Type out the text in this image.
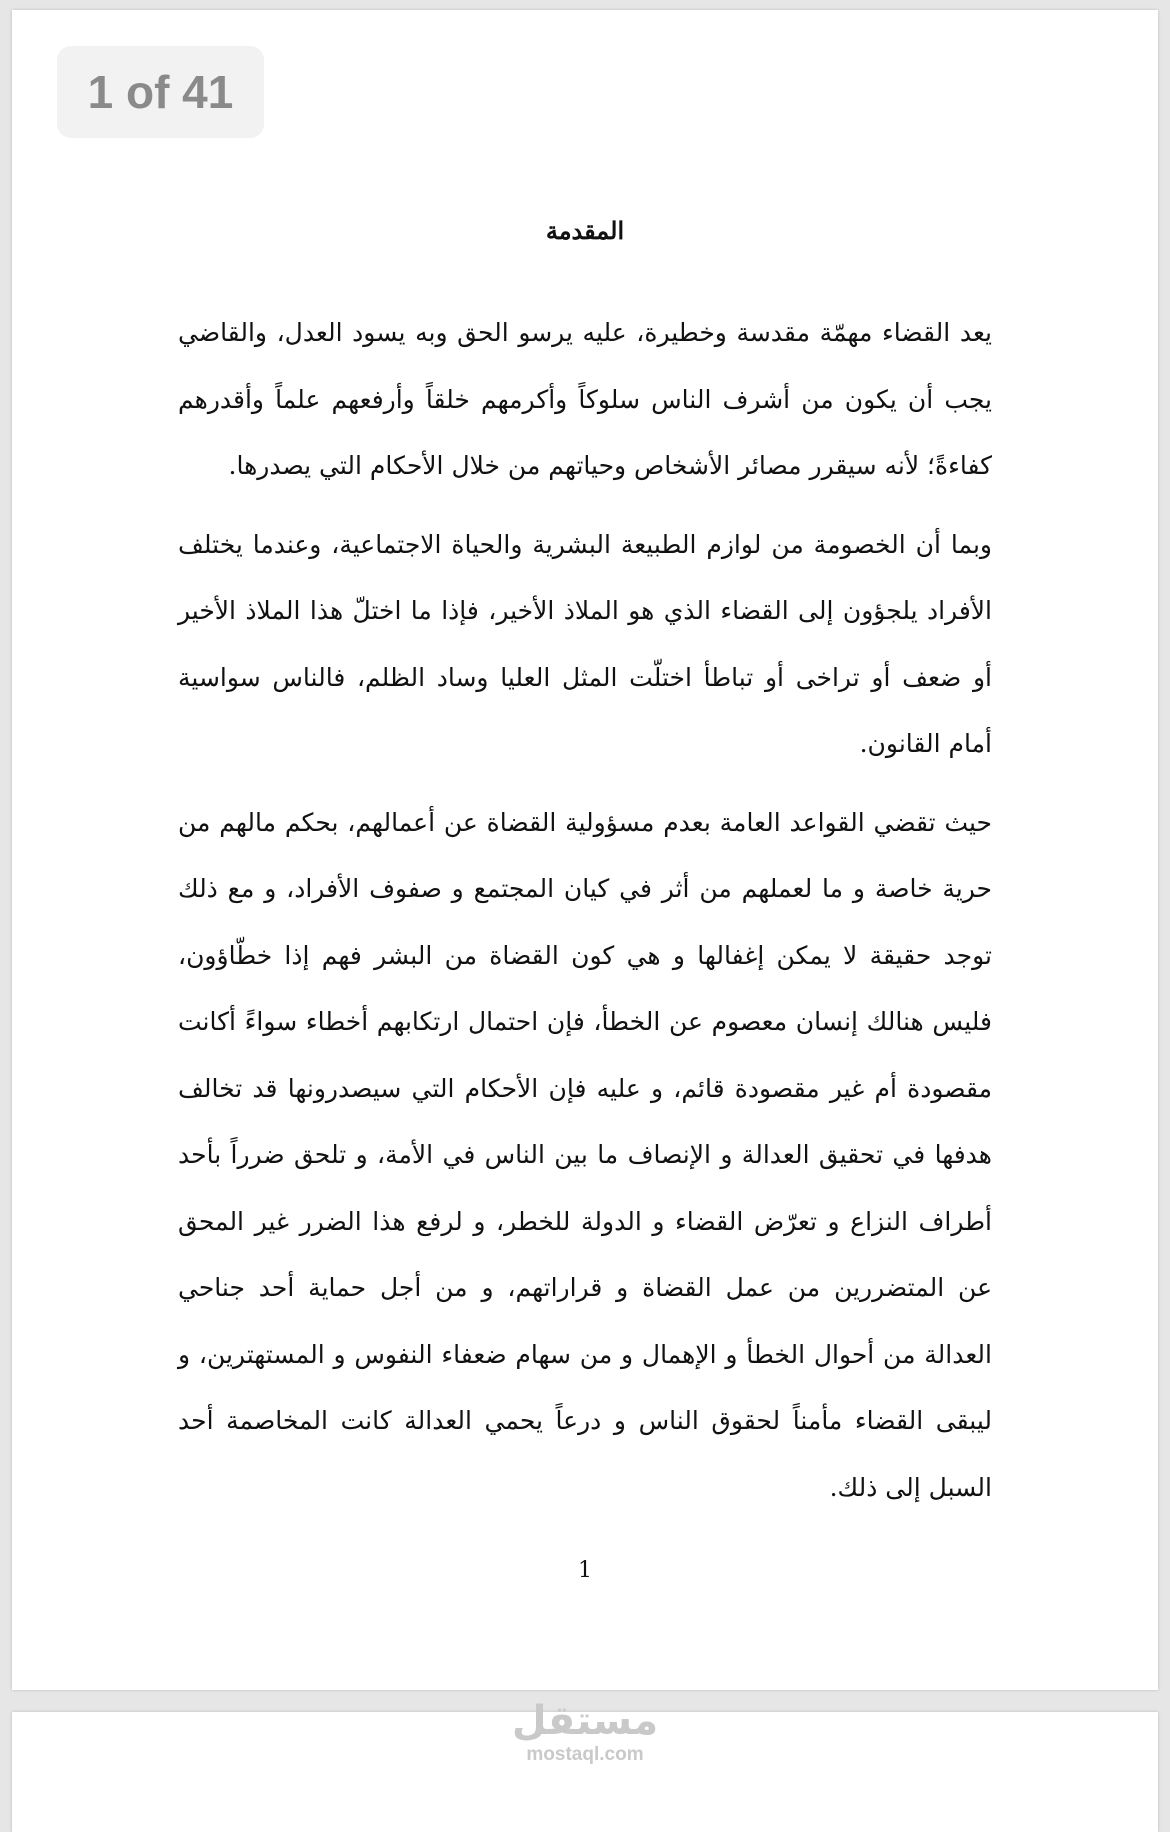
المقدمة

يعد القضاء مهمّة مقدسة وخطيرة، عليه يرسو الحق وبه يسود العدل، والقاضي يجب أن يكون من أشرف الناس سلوكاً وأكرمهم خلقاً وأرفعهم علماً وأقدرهم كفاءةً؛ لأنه سيقرر مصائر الأشخاص وحياتهم من خلال الأحكام التي يصدرها.

وبما أن الخصومة من لوازم الطبيعة البشرية والحياة الاجتماعية، وعندما يختلف الأفراد يلجؤون إلى القضاء الذي هو الملاذ الأخير، فإذا ما اختلّ هذا الملاذ الأخير أو ضعف أو تراخى أو تباطأ اختلّت المثل العليا وساد الظلم، فالناس سواسية أمام القانون.

حيث تقضي القواعد العامة بعدم مسؤولية القضاة عن أعمالهم، بحكم مالهم من حرية خاصة و ما لعملهم من أثر في كيان المجتمع و صفوف الأفراد، و مع ذلك توجد حقيقة لا يمكن إغفالها و هي كون القضاة من البشر فهم إذا خطّاؤون، فليس هنالك إنسان معصوم عن الخطأ، فإن احتمال ارتكابهم أخطاء سواءً أكانت مقصودة أم غير مقصودة قائم، و عليه فإن الأحكام التي سيصدرونها قد تخالف هدفها في تحقيق العدالة و الإنصاف ما بين الناس في الأمة، و تلحق ضرراً بأحد أطراف النزاع و تعرّض القضاء و الدولة للخطر، و لرفع هذا الضرر غير المحق عن المتضررين من عمل القضاة و قراراتهم، و من أجل حماية أحد جناحي العدالة من أحوال الخطأ و الإهمال و من سهام ضعفاء النفوس و المستهترين، و ليبقى القضاء مأمناً لحقوق الناس و درعاً يحمي العدالة كانت المخاصمة أحد السبل إلى ذلك.

1
1 of 41
مستقل
mostaql.com
